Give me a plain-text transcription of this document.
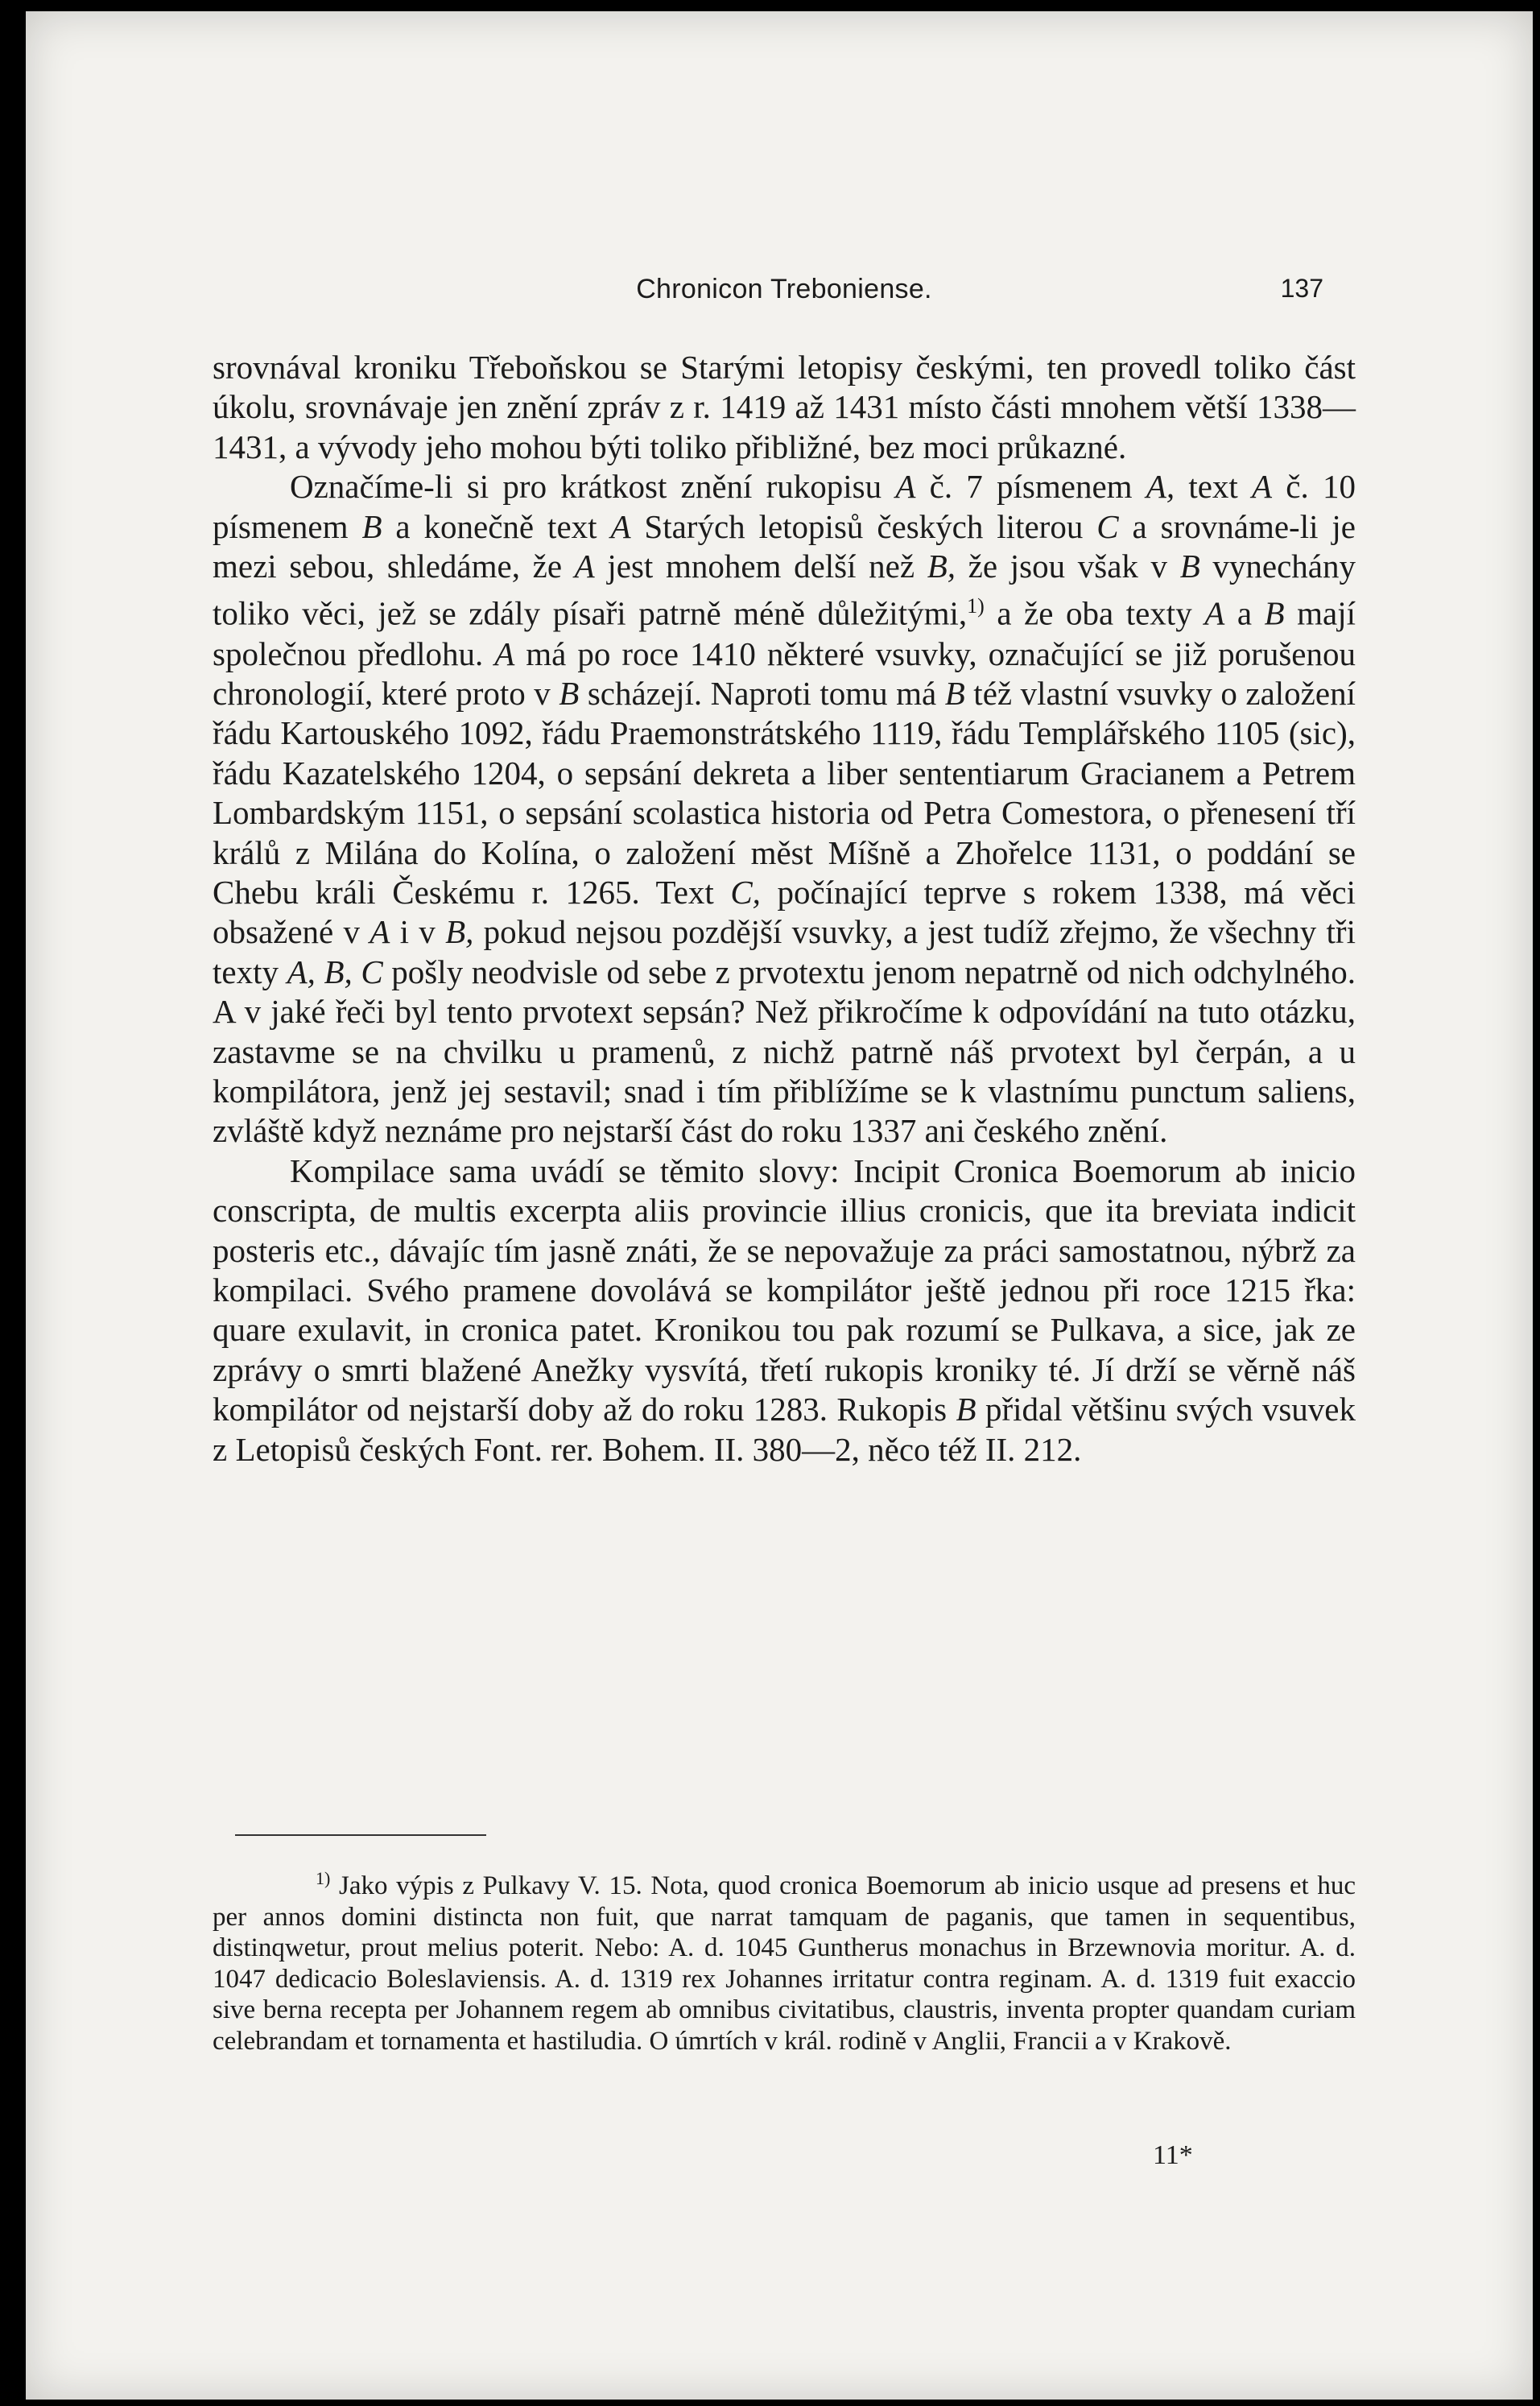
Chronicon Treboniense.	137

srovnával kroniku Třeboňskou se Starými letopisy českými, ten provedl toliko část úkolu, srovnávaje jen znění zpráv z r. 1419 až 1431 místo části mnohem větší 1338—1431, a vývody jeho mohou býti toliko přibližné, bez moci průkazné.

Označíme-li si pro krátkost znění rukopisu A č. 7 písmenem A, text A č. 10 písmenem B a konečně text A Starých letopisů českých literou C a srovnáme-li je mezi sebou, shledáme, že A jest mnohem delší než B, že jsou však v B vynechány toliko věci, jež se zdály písaři patrně méně důležitými,$^{1)}$ a že oba texty A a B mají společnou předlohu. A má po roce 1410 některé vsuvky, označující se již porušenou chronologií, které proto v B scházejí. Naproti tomu má B též vlastní vsuvky o založení řádu Kartouského 1092, řádu Praemonstrátského 1119, řádu Templářského 1105 (sic), řádu Kazatelského 1204, o sepsání dekreta a liber sententiarum Gracianem a Petrem Lombardským 1151, o sepsání scolastica historia od Petra Comestora, o přenesení tří králů z Milána do Kolína, o založení měst Míšně a Zhořelce 1131, o poddání se Chebu králi Českému r. 1265. Text C, počínající teprve s rokem 1338, má věci obsažené v A i v B, pokud nejsou pozdější vsuvky, a jest tudíž zřejmo, že všechny tři texty A, B, C pošly neodvisle od sebe z prvotextu jenom nepatrně od nich odchylného. A v jaké řeči byl tento prvotext sepsán? Než přikročíme k odpovídání na tuto otázku, zastavme se na chvilku u pramenů, z nichž patrně náš prvotext byl čerpán, a u kompilátora, jenž jej sestavil; snad i tím přiblížíme se k vlastnímu punctum saliens, zvláště když neznáme pro nejstarší část do roku 1337 ani českého znění.

Kompilace sama uvádí se těmito slovy: Incipit Cronica Boemorum ab inicio conscripta, de multis excerpta aliis provincie illius cronicis, que ita breviata indicit posteris etc., dávajíc tím jasně znáti, že se nepovažuje za práci samostatnou, nýbrž za kompilaci. Svého pramene dovolává se kompilátor ještě jednou při roce 1215 řka: quare exulavit, in cronica patet. Kronikou tou pak rozumí se Pulkava, a sice, jak ze zprávy o smrti blažené Anežky vysvítá, třetí rukopis kroniky té. Jí drží se věrně náš kompilátor od nejstarší doby až do roku 1283. Rukopis B přidal většinu svých vsuvek z Letopisů českých Font. rer. Bohem. II. 380—2, něco též II. 212.

$^{1)}$ Jako výpis z Pulkavy V. 15. Nota, quod cronica Boemorum ab inicio usque ad presens et huc per annos domini distincta non fuit, que narrat tamquam de paganis, que tamen in sequentibus, distinqwetur, prout melius poterit. Nebo: A. d. 1045 Guntherus monachus in Brzewnovia moritur. A. d. 1047 dedicacio Boleslaviensis. A. d. 1319 rex Johannes irritatur contra reginam. A. d. 1319 fuit exaccio sive berna recepta per Johannem regem ab omnibus civitatibus, claustris, inventa propter quandam curiam celebrandam et tornamenta et hastiludia. O úmrtích v král. rodině v Anglii, Francii a v Krakově.
11*
